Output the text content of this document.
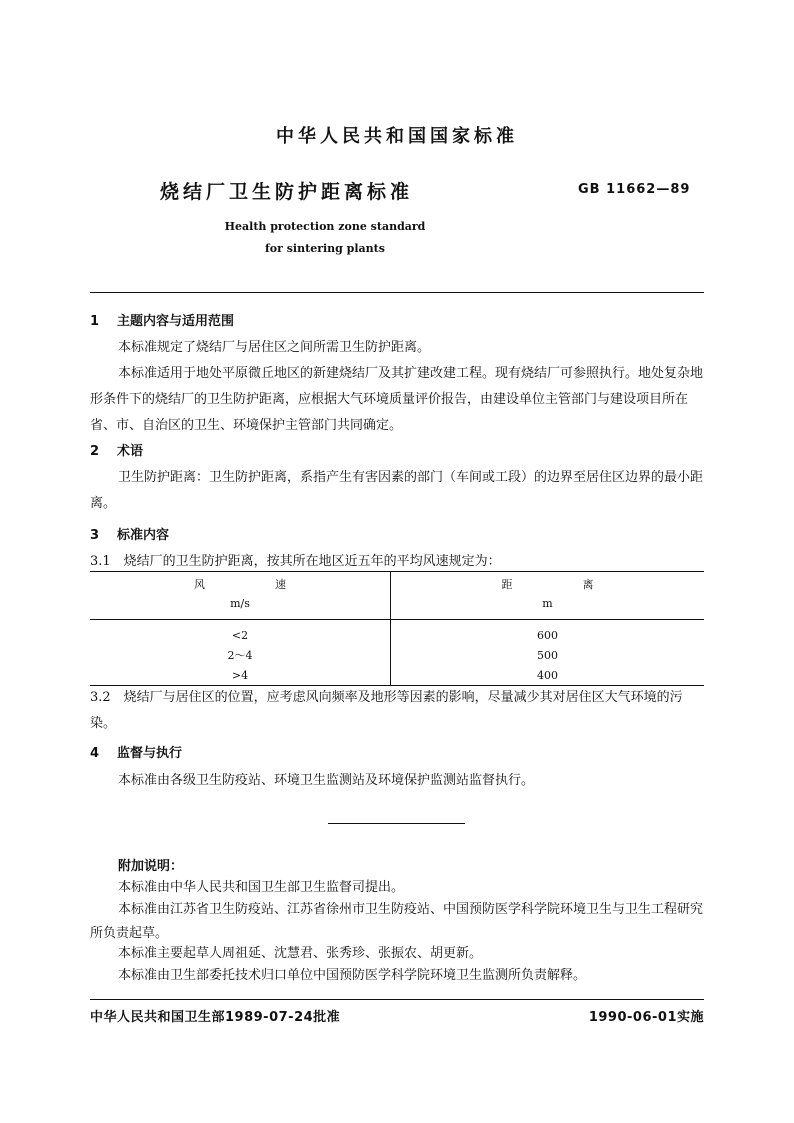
中华人民共和国国家标准
烧结厂卫生防护距离标准	GB 11662—89
Health protection zone standard
for sintering plants
1 主题内容与适用范围
本标准规定了烧结厂与居住区之间所需卫生防护距离。
本标准适用于地处平原微丘地区的新建烧结厂及其扩建改建工程。现有烧结厂可参照执行。地处复杂地形条件下的烧结厂的卫生防护距离，应根据大气环境质量评价报告，由建设单位主管部门与建设项目所在省、市、自治区的卫生、环境保护主管部门共同确定。
2 术语
卫生防护距离：卫生防护距离，系指产生有害因素的部门（车间或工段）的边界至居住区边界的最小距离。
3 标准内容
3.1　烧结厂的卫生防护距离，按其所在地区近五年的平均风速规定为：
风速	距离
m/s	m
<2	600
2～4	500
>4	400
3.2　烧结厂与居住区的位置，应考虑风向频率及地形等因素的影响，尽量减少其对居住区大气环境的污染。
4 监督与执行
本标准由各级卫生防疫站、环境卫生监测站及环境保护监测站监督执行。
附加说明：
本标准由中华人民共和国卫生部卫生监督司提出。
本标准由江苏省卫生防疫站、江苏省徐州市卫生防疫站、中国预防医学科学院环境卫生与卫生工程研究所负责起草。
本标准主要起草人周祖延、沈慧君、张秀珍、张振农、胡更新。
本标准由卫生部委托技术归口单位中国预防医学科学院环境卫生监测所负责解释。
中华人民共和国卫生部1989-07-24批准	1990-06-01实施
